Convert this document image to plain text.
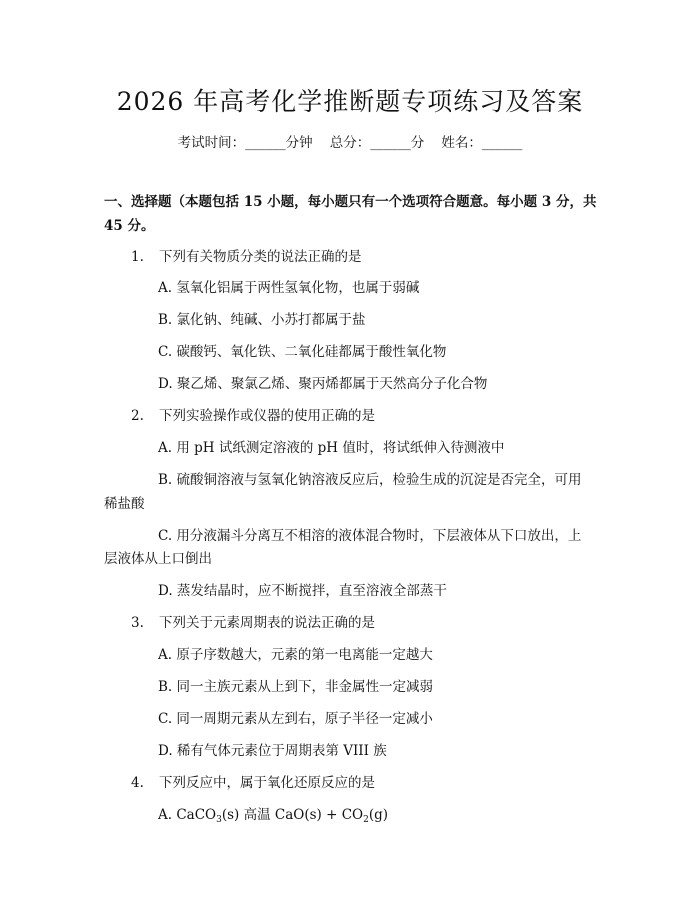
2026 年高考化学推断题专项练习及答案
考试时间：______分钟    总分：______分    姓名：______
一、选择题（本题包括 15 小题，每小题只有一个选项符合题意。每小题 3 分，共 45 分。
1. 下列有关物质分类的说法正确的是
A. 氢氧化铝属于两性氢氧化物，也属于弱碱
B. 氯化钠、纯碱、小苏打都属于盐
C. 碳酸钙、氧化铁、二氧化硅都属于酸性氧化物
D. 聚乙烯、聚氯乙烯、聚丙烯都属于天然高分子化合物
2. 下列实验操作或仪器的使用正确的是
A. 用 pH 试纸测定溶液的 pH 值时，将试纸伸入待测液中
B. 硫酸铜溶液与氢氧化钠溶液反应后，检验生成的沉淀是否完全，可用
稀盐酸
C. 用分液漏斗分离互不相溶的液体混合物时，下层液体从下口放出，上
层液体从上口倒出
D. 蒸发结晶时，应不断搅拌，直至溶液全部蒸干
3. 下列关于元素周期表的说法正确的是
A. 原子序数越大，元素的第一电离能一定越大
B. 同一主族元素从上到下，非金属性一定减弱
C. 同一周期元素从左到右，原子半径一定减小
D. 稀有气体元素位于周期表第 VIII 族
4. 下列反应中，属于氧化还原反应的是
A. CaCO$_3$(s) 高温 $CaO(s) + CO_2(g)$
